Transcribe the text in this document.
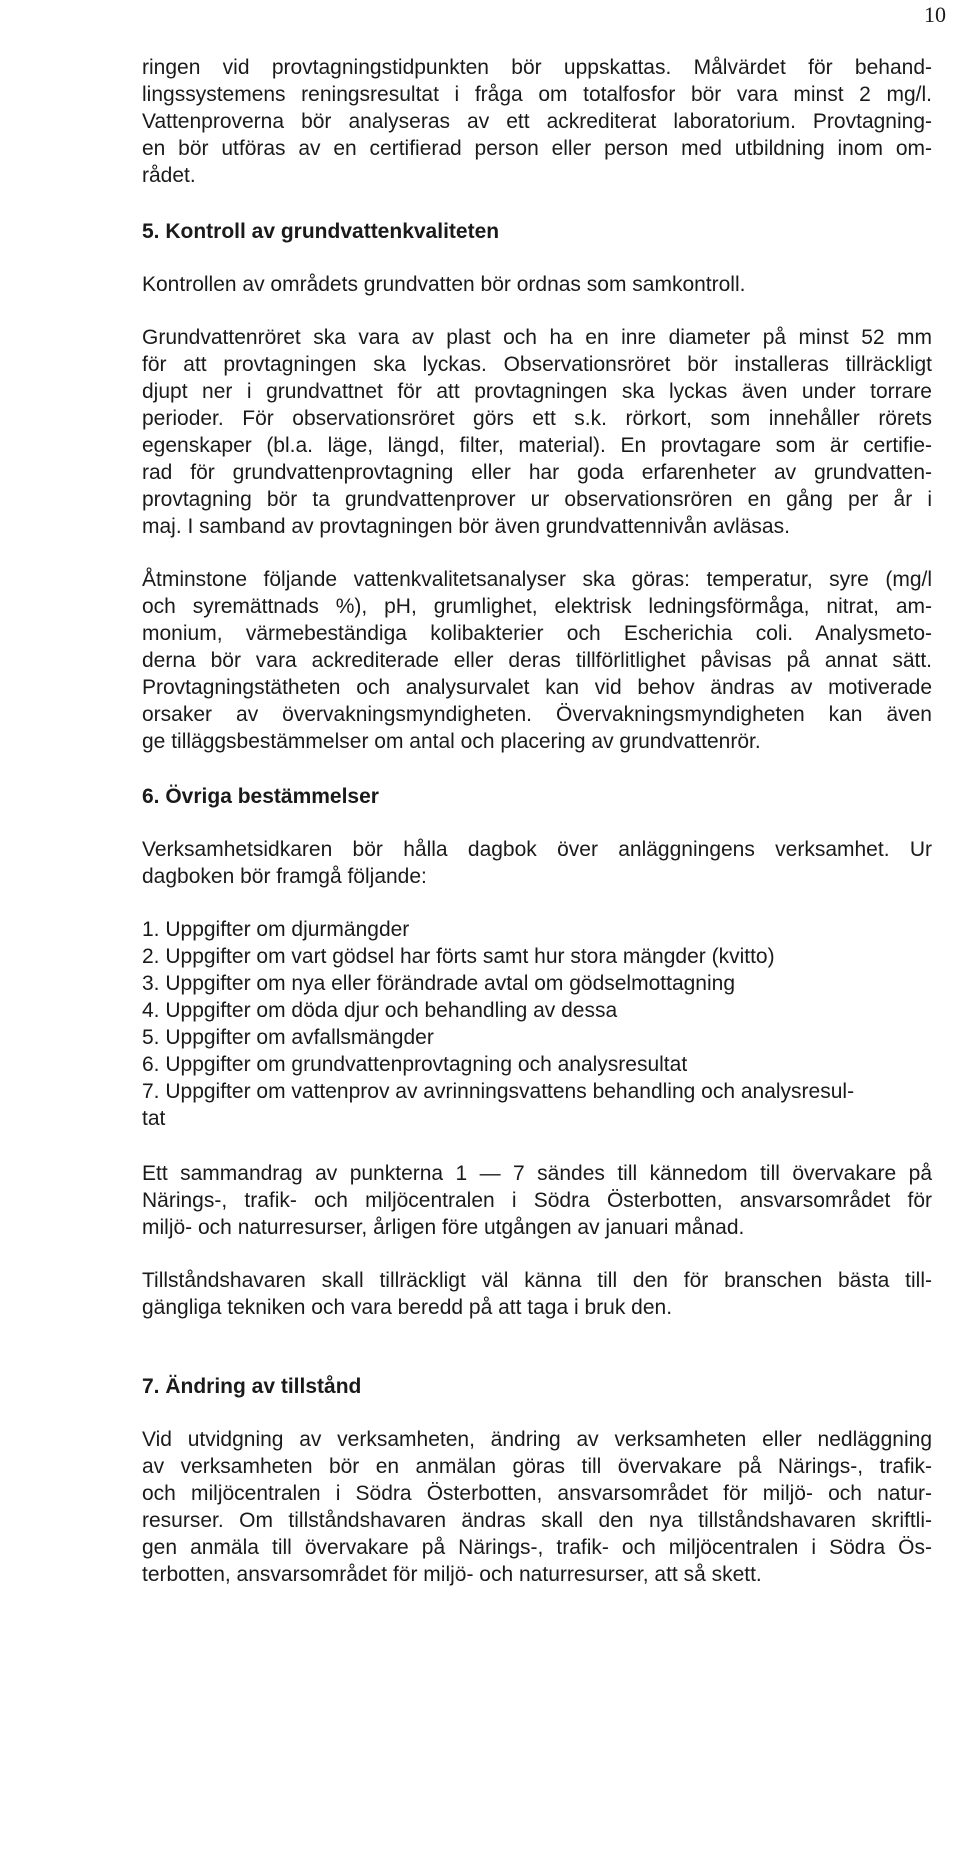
10
ringen vid provtagningstidpunkten bör uppskattas. Målvärdet för behand-
lingssystemens reningsresultat i fråga om totalfosfor bör vara minst 2 mg/l.
Vattenproverna bör analyseras av ett ackrediterat laboratorium. Provtagning-
en bör utföras av en certifierad person eller person med utbildning inom om-
rådet.
5. Kontroll av grundvattenkvaliteten
Kontrollen av områdets grundvatten bör ordnas som samkontroll.
Grundvattenröret ska vara av plast och ha en inre diameter på minst 52 mm
för att provtagningen ska lyckas. Observationsröret bör installeras tillräckligt
djupt ner i grundvattnet för att provtagningen ska lyckas även under torrare
perioder. För observationsröret görs ett s.k. rörkort, som innehåller rörets
egenskaper (bl.a. läge, längd, filter, material). En provtagare som är certifie-
rad för grundvattenprovtagning eller har goda erfarenheter av grundvatten-
provtagning bör ta grundvattenprover ur observationsrören en gång per år i
maj. I samband av provtagningen bör även grundvattennivån avläsas.
Åtminstone följande vattenkvalitetsanalyser ska göras: temperatur, syre (mg/l
och syremättnads %), pH, grumlighet, elektrisk ledningsförmåga, nitrat, am-
monium, värmebeständiga kolibakterier och Escherichia coli. Analysmeto-
derna bör vara ackrediterade eller deras tillförlitlighet påvisas på annat sätt.
Provtagningstätheten och analysurvalet kan vid behov ändras av motiverade
orsaker av övervakningsmyndigheten. Övervakningsmyndigheten kan även
ge tilläggsbestämmelser om antal och placering av grundvattenrör.
6. Övriga bestämmelser
Verksamhetsidkaren bör hålla dagbok över anläggningens verksamhet. Ur
dagboken bör framgå följande:
1. Uppgifter om djurmängder
2. Uppgifter om vart gödsel har förts samt hur stora mängder (kvitto)
3. Uppgifter om nya eller förändrade avtal om gödselmottagning
4. Uppgifter om döda djur och behandling av dessa
5. Uppgifter om avfallsmängder
6. Uppgifter om grundvattenprovtagning och analysresultat
7. Uppgifter om vattenprov av avrinningsvattens behandling och analysresul-
tat
Ett sammandrag av punkterna 1 — 7 sändes till kännedom till övervakare på
Närings-, trafik- och miljöcentralen i Södra Österbotten, ansvarsområdet för
miljö- och naturresurser, årligen före utgången av januari månad.
Tillståndshavaren skall tillräckligt väl känna till den för branschen bästa till-
gängliga tekniken och vara beredd på att taga i bruk den.
7. Ändring av tillstånd
Vid utvidgning av verksamheten, ändring av verksamheten eller nedläggning
av verksamheten bör en anmälan göras till övervakare på Närings-, trafik-
och miljöcentralen i Södra Österbotten, ansvarsområdet för miljö- och natur-
resurser. Om tillståndshavaren ändras skall den nya tillståndshavaren skriftli-
gen anmäla till övervakare på Närings-, trafik- och miljöcentralen i Södra Ös-
terbotten, ansvarsområdet för miljö- och naturresurser, att så skett.
